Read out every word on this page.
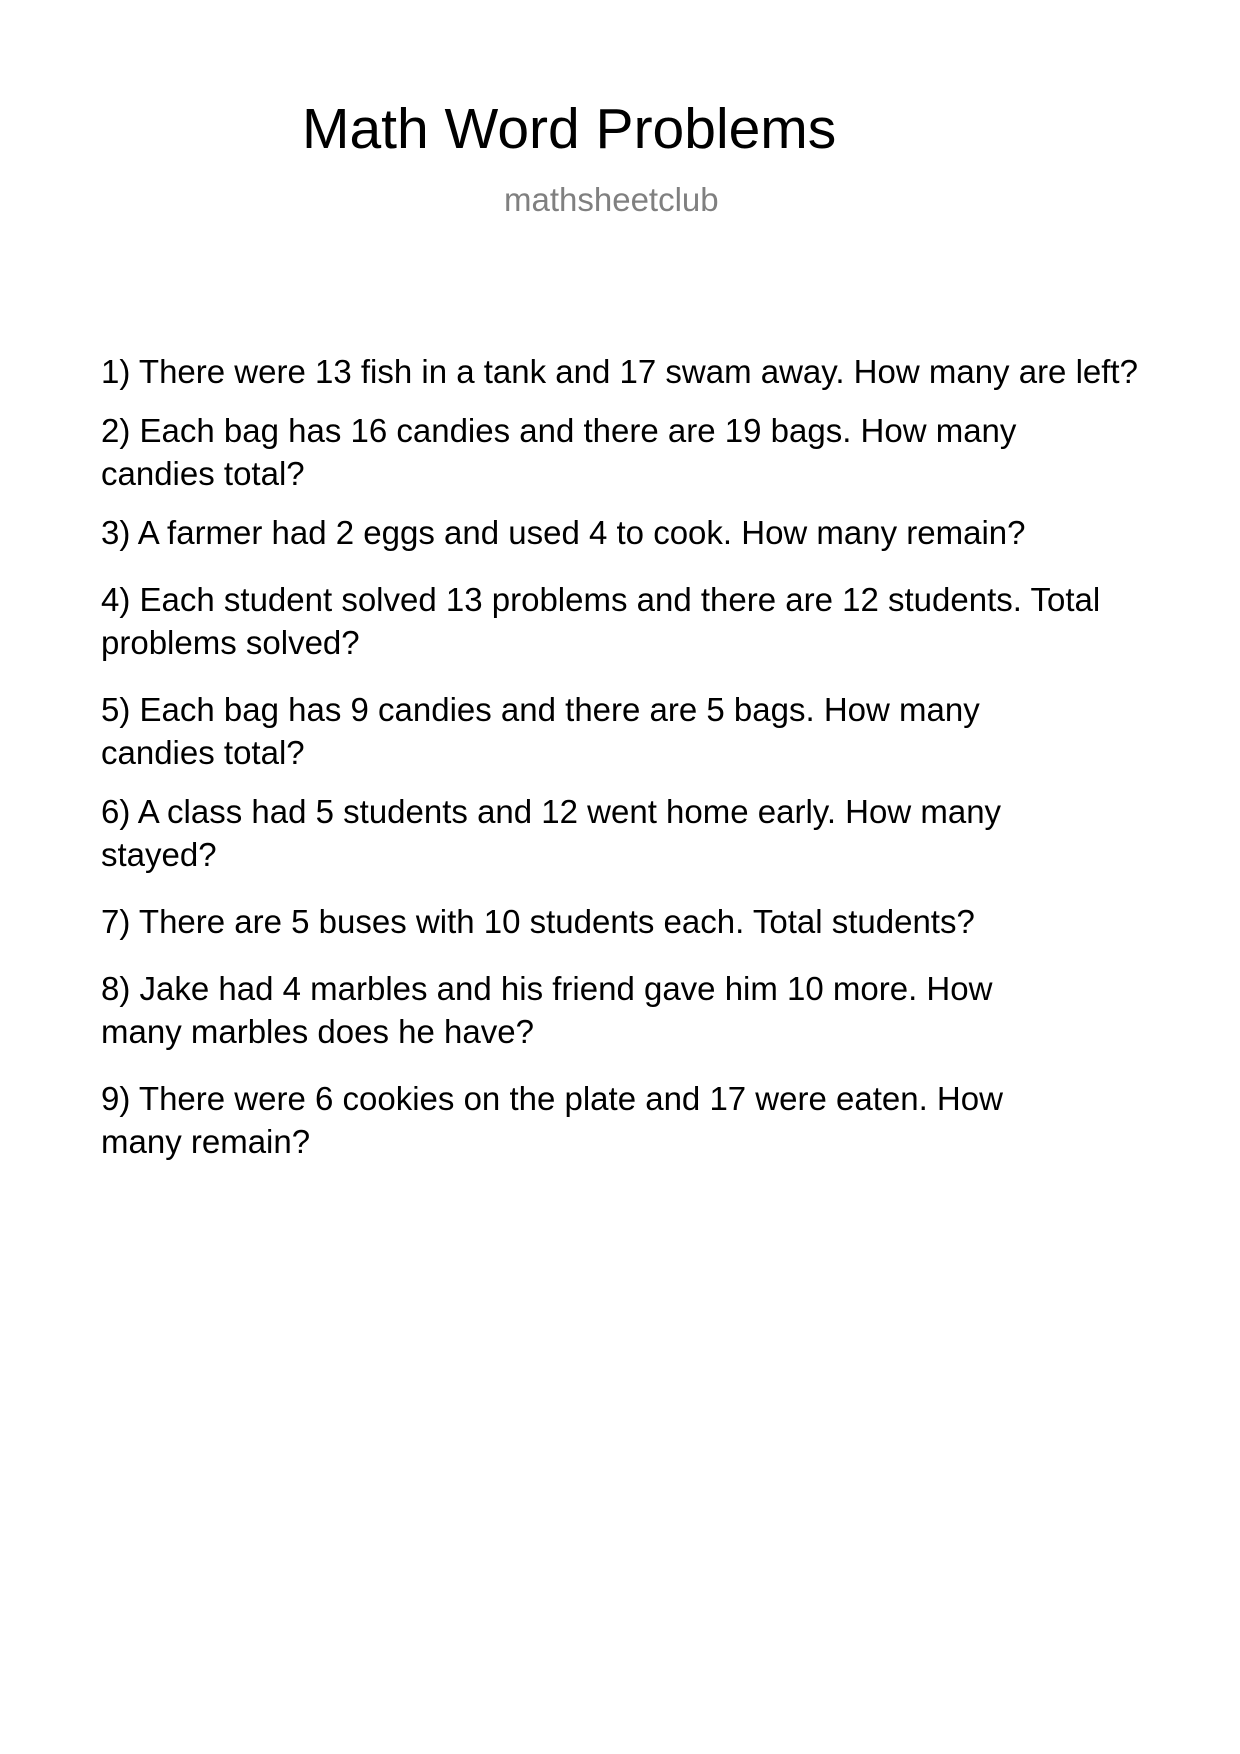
Math Word Problems
mathsheetclub
1) There were 13 fish in a tank and 17 swam away. How many are left?
2) Each bag has 16 candies and there are 19 bags. How many candies total?
3) A farmer had 2 eggs and used 4 to cook. How many remain?
4) Each student solved 13 problems and there are 12 students. Total problems solved?
5) Each bag has 9 candies and there are 5 bags. How many candies total?
6) A class had 5 students and 12 went home early. How many stayed?
7) There are 5 buses with 10 students each. Total students?
8) Jake had 4 marbles and his friend gave him 10 more. How many marbles does he have?
9) There were 6 cookies on the plate and 17 were eaten. How many remain?
